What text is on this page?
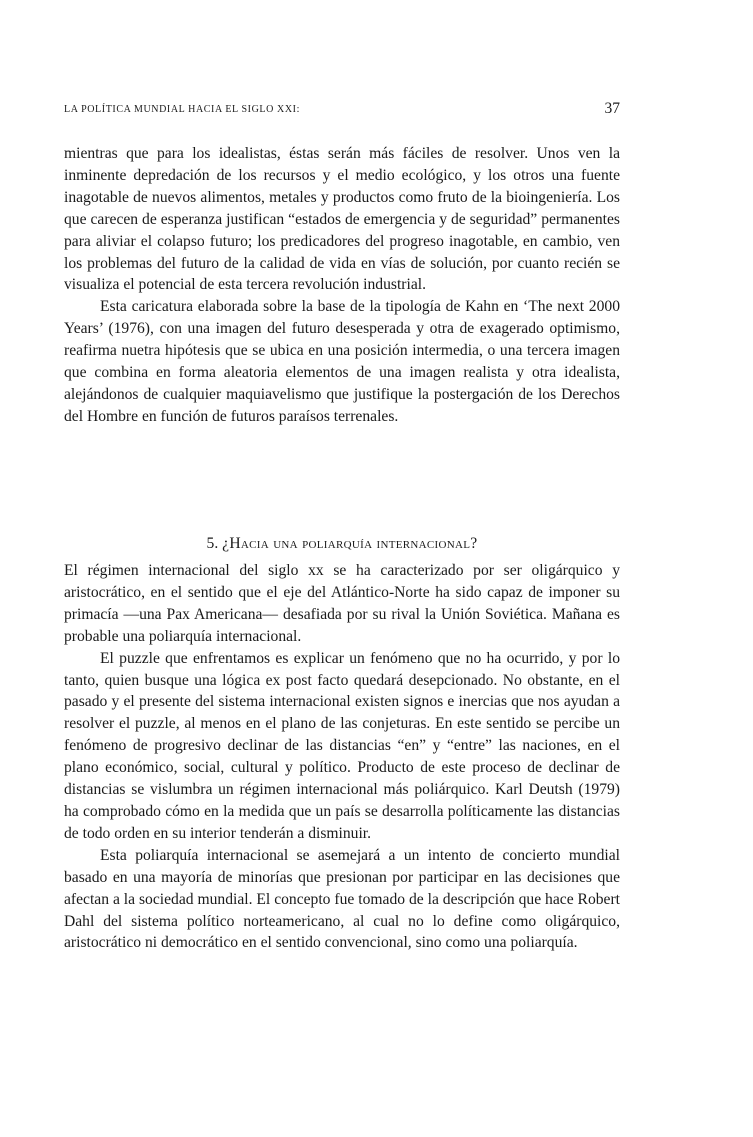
LA POLÍTICA MUNDIAL HACIA EL SIGLO XXI:	37

mientras que para los idealistas, éstas serán más fáciles de resolver. Unos ven la inminente depredación de los recursos y el medio ecológico, y los otros una fuente inagotable de nuevos alimentos, metales y productos como fruto de la bioingeniería. Los que carecen de esperanza justifican “estados de emergencia y de seguridad” permanentes para aliviar el colapso futuro; los predicadores del progreso inagotable, en cambio, ven los problemas del futuro de la calidad de vida en vías de solución, por cuanto recién se visualiza el potencial de esta tercera revolución industrial.

Esta caricatura elaborada sobre la base de la tipología de Kahn en ‘The next 2000 Years’ (1976), con una imagen del futuro desesperada y otra de exagerado optimismo, reafirma nuetra hipótesis que se ubica en una posición intermedia, o una tercera imagen que combina en forma aleatoria elementos de una imagen realista y otra idealista, alejándonos de cualquier maquiavelismo que justifique la postergación de los Derechos del Hombre en función de futuros paraísos terrenales.

5. ¿Hacia una poliarquía internacional?

El régimen internacional del siglo xx se ha caracterizado por ser oligárquico y aristocrático, en el sentido que el eje del Atlántico-Norte ha sido capaz de imponer su primacía —una Pax Americana— desafiada por su rival la Unión Soviética. Mañana es probable una poliarquía internacional.

El puzzle que enfrentamos es explicar un fenómeno que no ha ocurrido, y por lo tanto, quien busque una lógica ex post facto quedará desepcionado. No obstante, en el pasado y el presente del sistema internacional existen signos e inercias que nos ayudan a resolver el puzzle, al menos en el plano de las conjeturas. En este sentido se percibe un fenómeno de progresivo declinar de las distancias “en” y “entre” las naciones, en el plano económico, social, cultural y político. Producto de este proceso de declinar de distancias se vislumbra un régimen internacional más poliárquico. Karl Deutsh (1979) ha comprobado cómo en la medida que un país se desarrolla políticamente las distancias de todo orden en su interior tenderán a disminuir.

Esta poliarquía internacional se asemejará a un intento de concierto mundial basado en una mayoría de minorías que presionan por participar en las decisiones que afectan a la sociedad mundial. El concepto fue tomado de la descripción que hace Robert Dahl del sistema político norteamericano, al cual no lo define como oligárquico, aristocrático ni democrático en el sentido convencional, sino como una poliarquía.
